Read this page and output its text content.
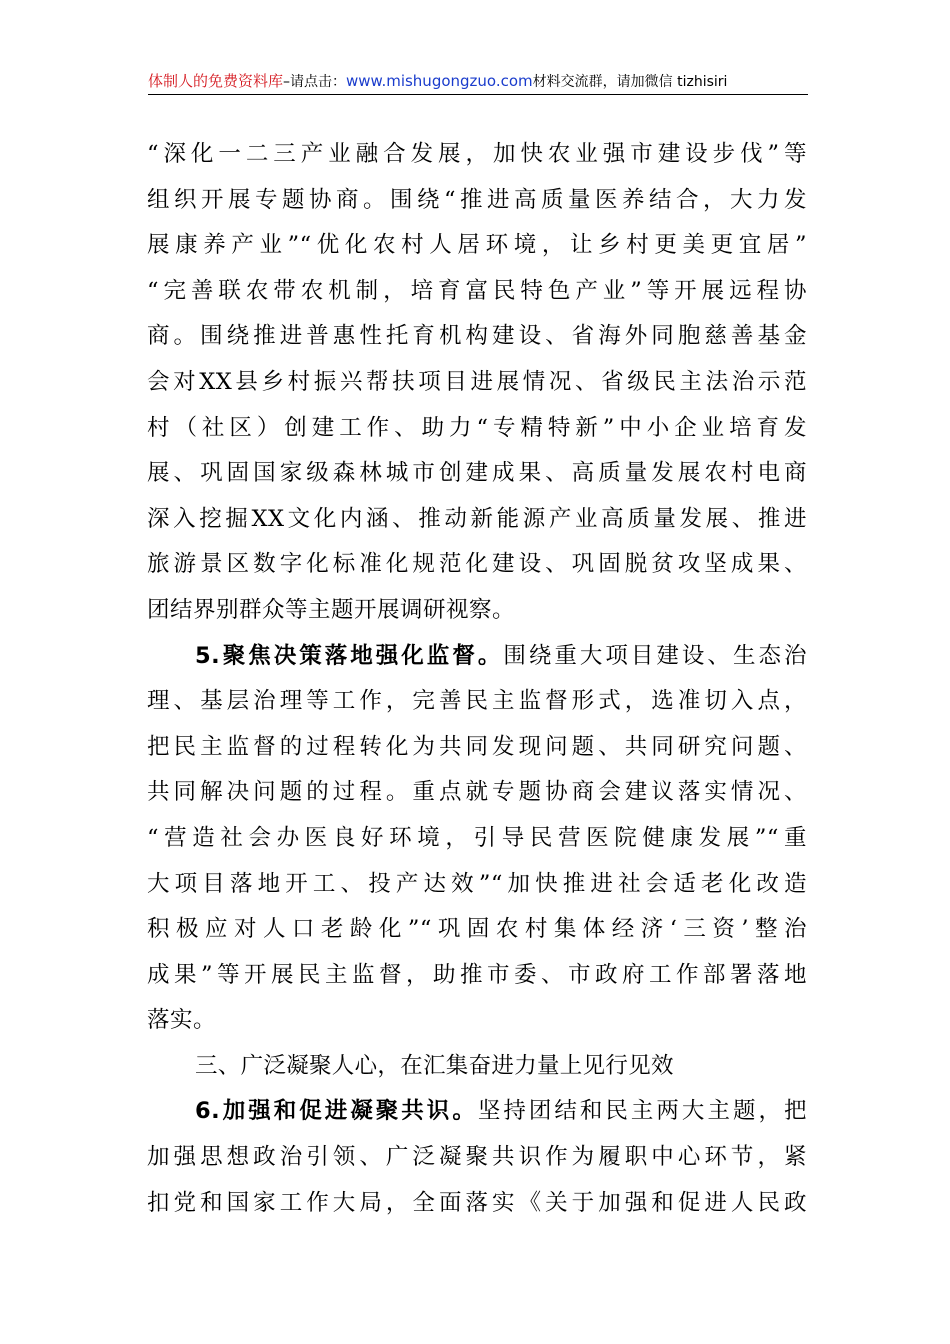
体制人的免费资料库–请点击：www.mishugongzuo.com材料交流群，请加微信 tizhisiri
“深化一二三产业融合发展，加快农业强市建设步伐”等
组织开展专题协商。围绕“推进高质量医养结合，大力发
展康养产业”“优化农村人居环境，让乡村更美更宜居”
“完善联农带农机制，培育富民特色产业”等开展远程协
商。围绕推进普惠性托育机构建设、省海外同胞慈善基金
会对XX县乡村振兴帮扶项目进展情况、省级民主法治示范
村（社区）创建工作、助力“专精特新”中小企业培育发
展、巩固国家级森林城市创建成果、高质量发展农村电商
深入挖掘XX文化内涵、推动新能源产业高质量发展、推进
旅游景区数字化标准化规范化建设、巩固脱贫攻坚成果、
团结界别群众等主题开展调研视察。
5.聚焦决策落地强化监督。围绕重大项目建设、生态治
理、基层治理等工作，完善民主监督形式，选准切入点，
把民主监督的过程转化为共同发现问题、共同研究问题、
共同解决问题的过程。重点就专题协商会建议落实情况、
“营造社会办医良好环境，引导民营医院健康发展”“重
大项目落地开工、投产达效”“加快推进社会适老化改造
积极应对人口老龄化”“巩固农村集体经济‘三资’整治
成果”等开展民主监督，助推市委、市政府工作部署落地
落实。
三、广泛凝聚人心，在汇集奋进力量上见行见效
6.加强和促进凝聚共识。坚持团结和民主两大主题，把
加强思想政治引领、广泛凝聚共识作为履职中心环节，紧
扣党和国家工作大局，全面落实《关于加强和促进人民政
